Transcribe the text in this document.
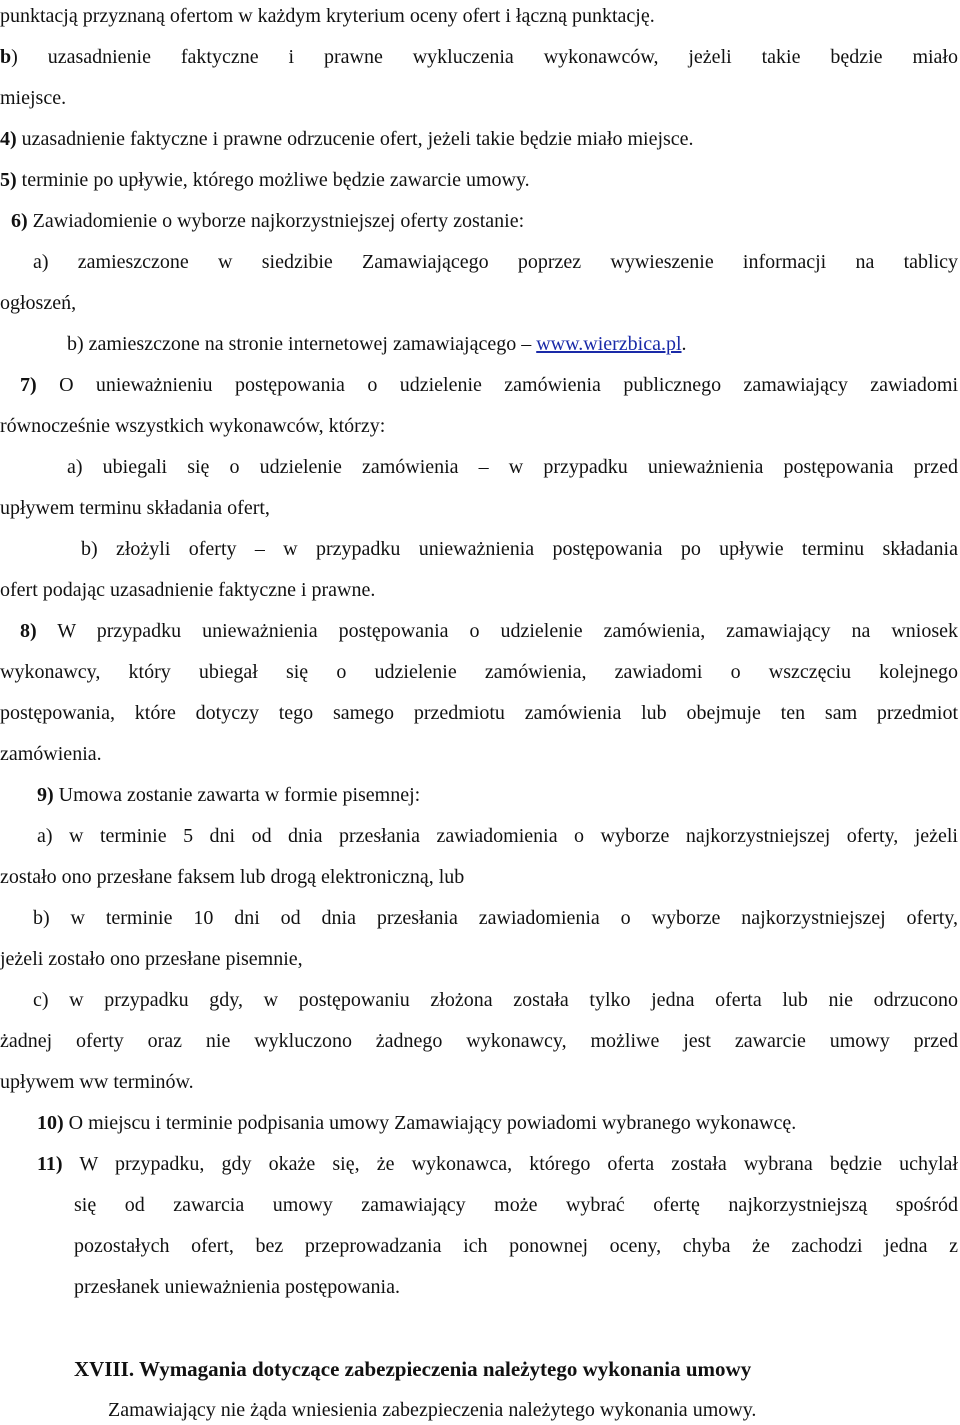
punktacją przyznaną ofertom w każdym kryterium oceny ofert i łączną punktację.
b) uzasadnienie faktyczne i prawne wykluczenia wykonawców, jeżeli takie będzie miało
miejsce.
4) uzasadnienie faktyczne i prawne odrzucenie ofert, jeżeli takie będzie miało miejsce.
5) terminie po upływie, którego możliwe będzie zawarcie umowy.
6) Zawiadomienie o wyborze najkorzystniejszej oferty zostanie:
a) zamieszczone w siedzibie Zamawiającego poprzez wywieszenie informacji na tablicy
ogłoszeń,
b) zamieszczone na stronie internetowej zamawiającego – www.wierzbica.pl.
7) O unieważnieniu postępowania o udzielenie zamówienia publicznego zamawiający zawiadomi
równocześnie wszystkich wykonawców, którzy:
a) ubiegali się o udzielenie zamówienia – w przypadku unieważnienia postępowania przed
upływem terminu składania ofert,
b) złożyli oferty – w przypadku unieważnienia postępowania po upływie terminu składania
ofert podając uzasadnienie faktyczne i prawne.
8) W przypadku unieważnienia postępowania o udzielenie zamówienia, zamawiający na wniosek
wykonawcy, który ubiegał się o udzielenie zamówienia, zawiadomi o wszczęciu kolejnego
postępowania, które dotyczy tego samego przedmiotu zamówienia lub obejmuje ten sam przedmiot
zamówienia.
9) Umowa zostanie zawarta w formie pisemnej:
a) w terminie 5 dni od dnia przesłania zawiadomienia o wyborze najkorzystniejszej oferty, jeżeli
zostało ono przesłane faksem lub drogą elektroniczną, lub
b) w terminie 10 dni od dnia przesłania zawiadomienia o wyborze najkorzystniejszej oferty,
jeżeli zostało ono przesłane pisemnie,
c) w przypadku gdy, w postępowaniu złożona została tylko jedna oferta lub nie odrzucono
żadnej oferty oraz nie wykluczono żadnego wykonawcy, możliwe jest zawarcie umowy przed
upływem ww terminów.
10) O miejscu i terminie podpisania umowy Zamawiający powiadomi wybranego wykonawcę.
11) W przypadku, gdy okaże się, że wykonawca, którego oferta została wybrana będzie uchylał
się od zawarcia umowy zamawiający może wybrać ofertę najkorzystniejszą spośród
pozostałych ofert, bez przeprowadzania ich ponownej oceny, chyba że zachodzi jedna z
przesłanek unieważnienia postępowania.
XVIII. Wymagania dotyczące zabezpieczenia należytego wykonania umowy
Zamawiający nie żąda wniesienia zabezpieczenia należytego wykonania umowy.
